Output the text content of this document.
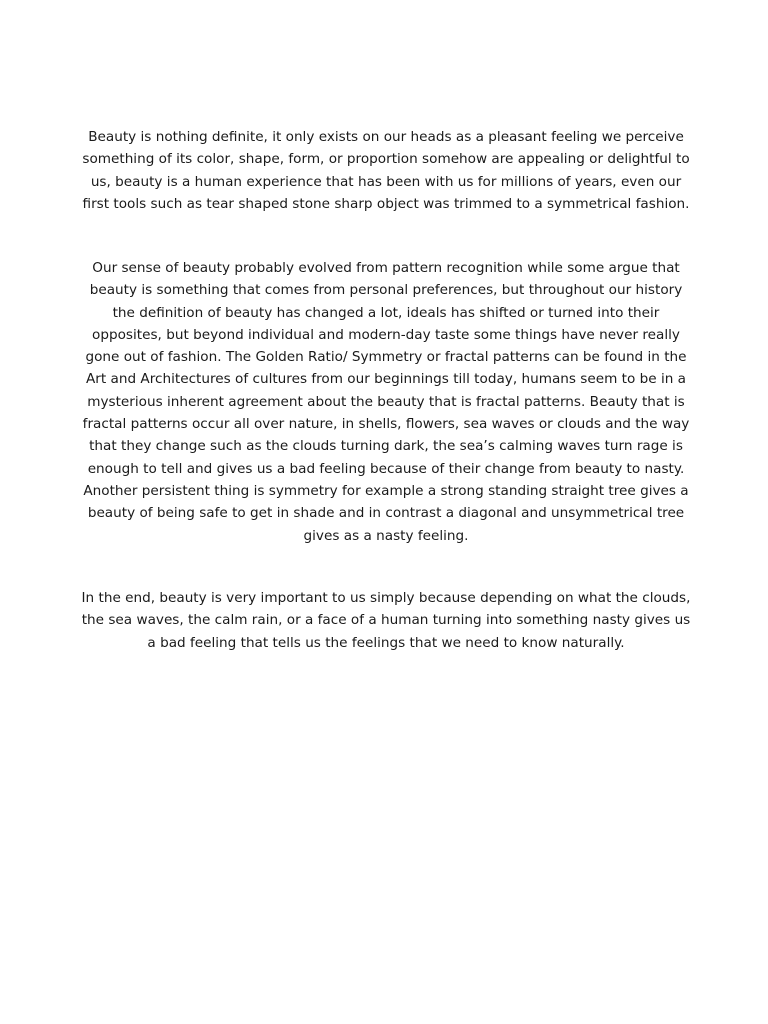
Beauty is nothing definite, it only exists on our heads as a pleasant feeling we perceive something of its color, shape, form, or proportion somehow are appealing or delightful to us, beauty is a human experience that has been with us for millions of years, even our first tools such as tear shaped stone sharp object was trimmed to a symmetrical fashion.

Our sense of beauty probably evolved from pattern recognition while some argue that beauty is something that comes from personal preferences, but throughout our history the definition of beauty has changed a lot, ideals has shifted or turned into their opposites, but beyond individual and modern-day taste some things have never really gone out of fashion. The Golden Ratio/ Symmetry or fractal patterns can be found in the Art and Architectures of cultures from our beginnings till today, humans seem to be in a mysterious inherent agreement about the beauty that is fractal patterns. Beauty that is fractal patterns occur all over nature, in shells, flowers, sea waves or clouds and the way that they change such as the clouds turning dark, the sea’s calming waves turn rage is enough to tell and gives us a bad feeling because of their change from beauty to nasty. Another persistent thing is symmetry for example a strong standing straight tree gives a beauty of being safe to get in shade and in contrast a diagonal and unsymmetrical tree gives as a nasty feeling.

In the end, beauty is very important to us simply because depending on what the clouds, the sea waves, the calm rain, or a face of a human turning into something nasty gives us a bad feeling that tells us the feelings that we need to know naturally.
